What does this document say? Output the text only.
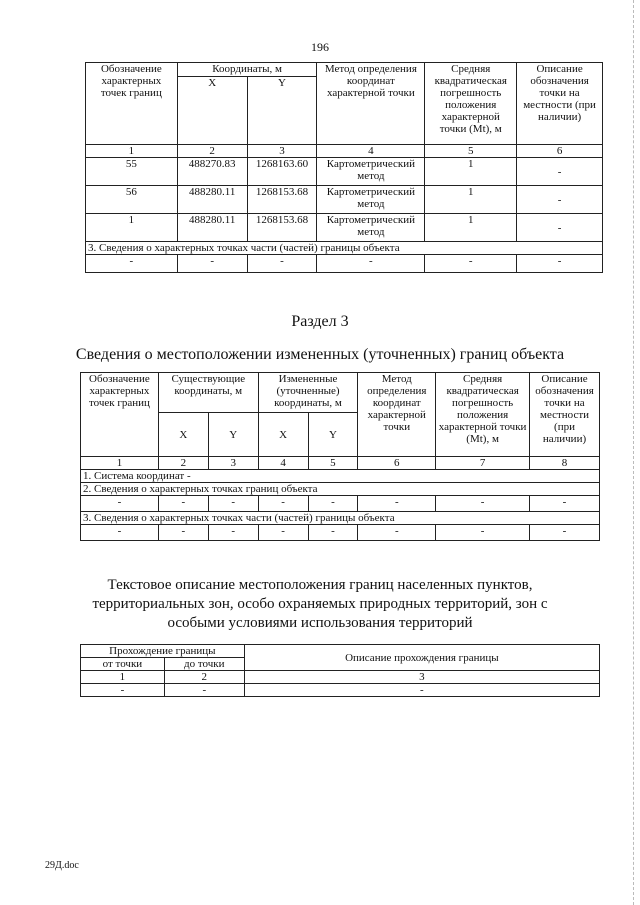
196
Обозначение характерных точек границ	Координаты, м		Метод определения координат характерной точки	Средняя квадратическая погрешность положения характерной точки (Mt), м	Описание обозначения точки на местности (при наличии)
	X	Y			
1	2	3	4	5	6
55	488270.83	1268163.60	Картометрический метод	1	-
56	488280.11	1268153.68	Картометрический метод	1	-
1	488280.11	1268153.68	Картометрический метод	1	-
3. Сведения о характерных точках части (частей) границы объекта					
-	-	-	-	-	-
Раздел 3
Сведения о местоположении измененных (уточненных) границ объекта
Обозначение характерных точек границ	Существующие координаты, м		Измененные (уточненные) координаты, м		Метод определения координат характерной точки	Средняя квадратическая погрешность положения характерной точки (Mt), м	Описание обозначения точки на местности (при наличии)
	X	Y	X	Y			
1	2	3	4	5	6	7	8
1. Система координат -							
2. Сведения о характерных точках границ объекта							
-	-	-	-	-	-	-	-
3. Сведения о характерных точках части (частей) границы объекта							
-	-	-	-	-	-	-	-
Текстовое описание местоположения границ населенных пунктов, территориальных зон, особо охраняемых природных территорий, зон с особыми условиями использования территорий
Прохождение границы		Описание прохождения границы
от точки	до точки	
1	2	3
-	-	-
29Д.doc
